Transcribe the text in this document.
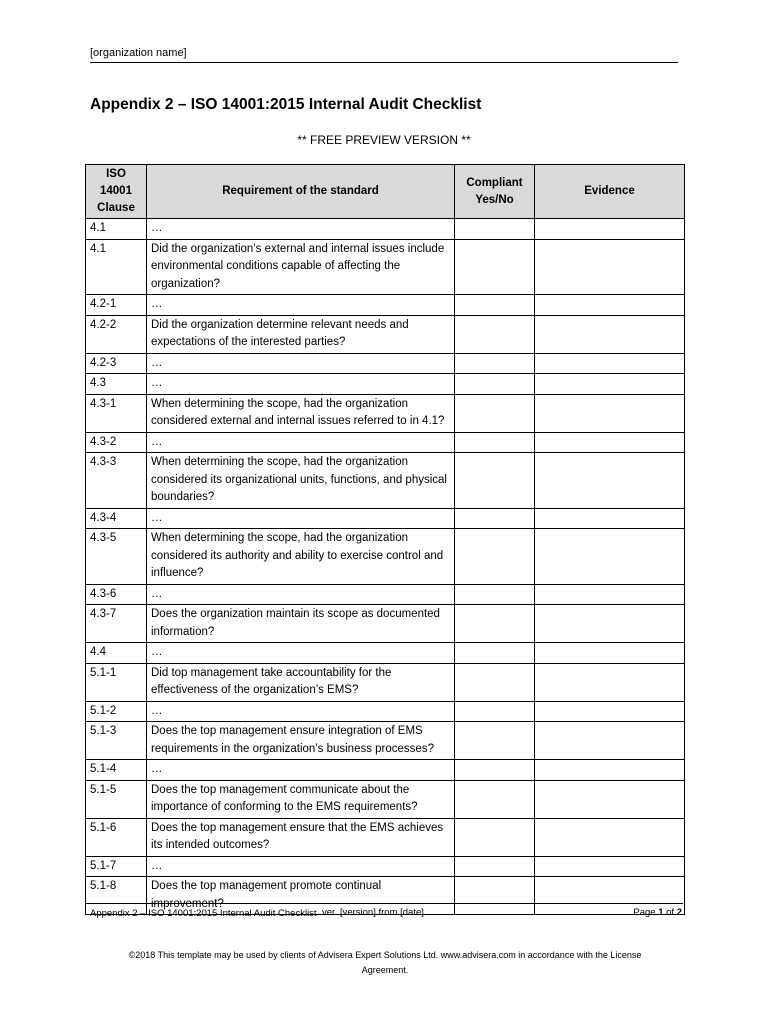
[organization name]
Appendix 2 – ISO 14001:2015 Internal Audit Checklist
** FREE PREVIEW VERSION **
ISO 14001 Clause	Requirement of the standard	Compliant Yes/No	Evidence
4.1	…		
4.1	Did the organization’s external and internal issues include environmental conditions capable of affecting the organization?		
4.2-1	…		
4.2-2	Did the organization determine relevant needs and expectations of the interested parties?		
4.2-3	…		
4.3	…		
4.3-1	When determining the scope, had the organization considered external and internal issues referred to in 4.1?		
4.3-2	…		
4.3-3	When determining the scope, had the organization considered its organizational units, functions, and physical boundaries?		
4.3-4	…		
4.3-5	When determining the scope, had the organization considered its authority and ability to exercise control and influence?		
4.3-6	…		
4.3-7	Does the organization maintain its scope as documented information?		
4.4	…		
5.1-1	Did top management take accountability for the effectiveness of the organization’s EMS?		
5.1-2	…		
5.1-3	Does the top management ensure integration of EMS requirements in the organization’s business processes?		
5.1-4	…		
5.1-5	Does the top management communicate about the importance of conforming to the EMS requirements?		
5.1-6	Does the top management ensure that the EMS achieves its intended outcomes?		
5.1-7	…		
5.1-8	Does the top management promote continual improvement?		
Appendix 2 – ISO 14001:2015 Internal Audit Checklist ver. [version] from [date]	Page 1 of 2
©2018 This template may be used by clients of Advisera Expert Solutions Ltd. www.advisera.com in accordance with the License Agreement.
